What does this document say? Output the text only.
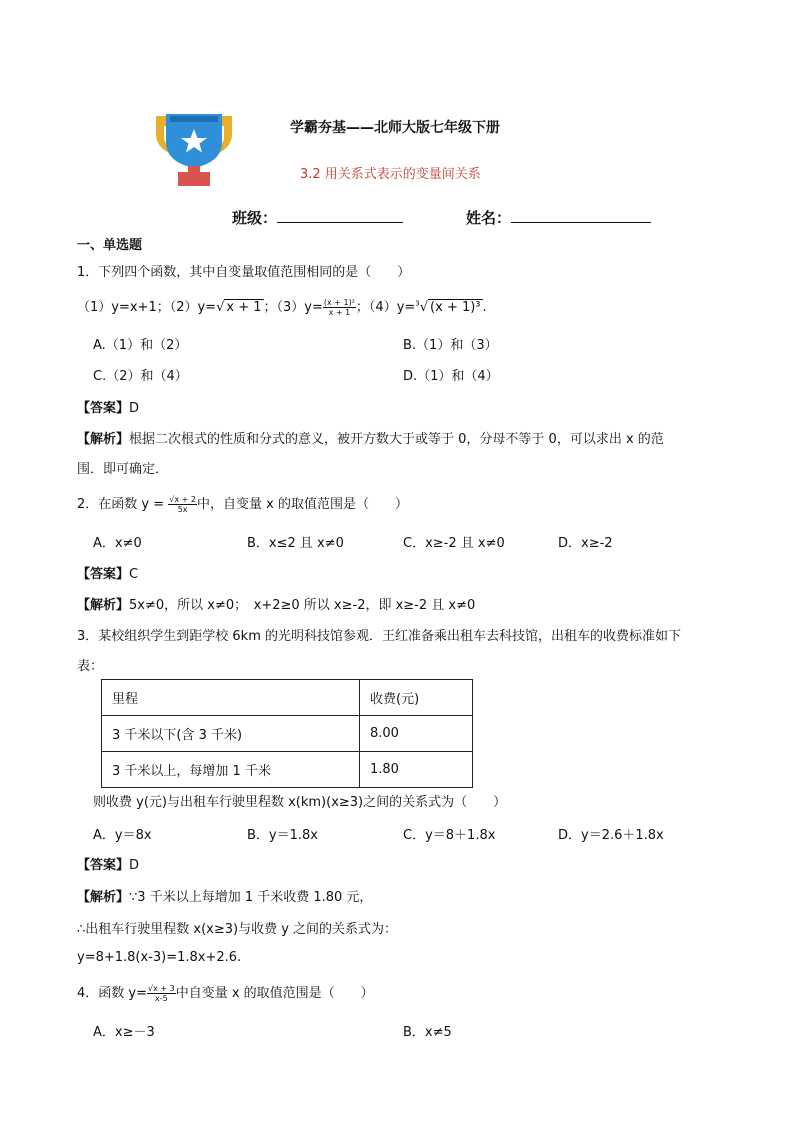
学霸夯基——北师大版七年级下册
3.2 用关系式表示的变量间关系
班级：	姓名：
一、单选题
1．下列四个函数，其中自变量取值范围相同的是（　　）
（1）y=x+1；（2）y=√ x + 1 ；$(3)y= \frac{\text{(x + 1)²}}{x + 1}$ ；（4）y=$^3$√ (x + 1)³ .
A.（1）和（2）	B.（1）和（3）
C.（2）和（4）	D.（1）和（4）
【答案】D
【解析】根据二次根式的性质和分式的意义，被开方数大于或等于 0，分母不等于 0，可以求出 x 的范
围．即可确定．
2．在函数 $y = \frac{√x + 2}{5x}$ 中，自变量 x 的取值范围是（　　）
A．x≠0	B．x≤2 且 x≠0	C．x≥-2 且 x≠0	D．x≥-2
【答案】C
【解析】5x≠0，所以 x≠0；　x+2≥0 所以 x≥-2，即 x≥-2 且 x≠0
3．某校组织学生到距学校 6km 的光明科技馆参观．王红准备乘出租车去科技馆，出租车的收费标准如下
表：
里程	收费(元)
3 千米以下(含 3 千米)	8.00
3 千米以上，每增加 1 千米	1.80
则收费 y(元)与出租车行驶里程数 x(km)(x≥3)之间的关系式为（　　）
A．y＝8x	B．y＝1.8x	C．y＝8＋1.8x	D．y＝2.6＋1.8x
【答案】D
【解析】∵3 千米以上每增加 1 千米收费 1.80 元，
∴出租车行驶里程数 x(x≥3)与收费 y 之间的关系式为：
y=8+1.8(x-3)=1.8x+2.6.
4．函数 $y= \frac{√x + 3}{x-5}$ 中自变量 x 的取值范围是（　　）
A．x≥－3	B．x≠5
